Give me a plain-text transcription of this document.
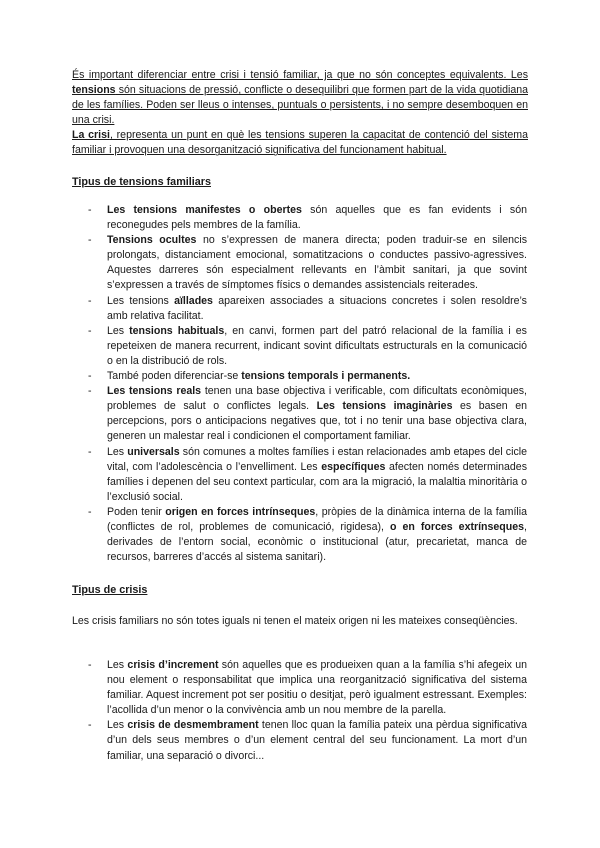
És important diferenciar entre crisi i tensió familiar, ja que no són conceptes equivalents. Les tensions són situacions de pressió, conflicte o desequilibri que formen part de la vida quotidiana de les famílies. Poden ser lleus o intenses, puntuals o persistents, i no sempre desemboquen en una crisi.
La crisi, representa un punt en què les tensions superen la capacitat de contenció del sistema familiar i provoquen una desorganització significativa del funcionament habitual.
Tipus de tensions familiars
- Les tensions manifestes o obertes són aquelles que es fan evidents i són reconegudes pels membres de la família.
- Tensions ocultes no s’expressen de manera directa; poden traduir-se en silencis prolongats, distanciament emocional, somatitzacions o conductes passivo-agressives. Aquestes darreres són especialment rellevants en l’àmbit sanitari, ja que sovint s’expressen a través de símptomes físics o demandes assistencials reiterades.
- Les tensions aïllades apareixen associades a situacions concretes i solen resoldre’s amb relativa facilitat.
- Les tensions habituals, en canvi, formen part del patró relacional de la família i es repeteixen de manera recurrent, indicant sovint dificultats estructurals en la comunicació o en la distribució de rols.
- També poden diferenciar-se tensions temporals i permanents.
- Les tensions reals tenen una base objectiva i verificable, com dificultats econòmiques, problemes de salut o conflictes legals. Les tensions imaginàries es basen en percepcions, pors o anticipacions negatives que, tot i no tenir una base objectiva clara, generen un malestar real i condicionen el comportament familiar.
- Les universals són comunes a moltes famílies i estan relacionades amb etapes del cicle vital, com l’adolescència o l’envelliment. Les específiques afecten només determinades famílies i depenen del seu context particular, com ara la migració, la malaltia minoritària o l’exclusió social.
- Poden tenir origen en forces intrínseques, pròpies de la dinàmica interna de la família (conflictes de rol, problemes de comunicació, rigidesa), o en forces extrínseques, derivades de l’entorn social, econòmic o institucional (atur, precarietat, manca de recursos, barreres d’accés al sistema sanitari).
Tipus de crisis
Les crisis familiars no són totes iguals ni tenen el mateix origen ni les mateixes conseqüències.
- Les crisis d’increment són aquelles que es produeixen quan a la família s’hi afegeix un nou element o responsabilitat que implica una reorganització significativa del sistema familiar. Aquest increment pot ser positiu o desitjat, però igualment estressant. Exemples: l’acollida d’un menor o la convivència amb un nou membre de la parella.
- Les crisis de desmembrament tenen lloc quan la família pateix una pèrdua significativa d’un dels seus membres o d’un element central del seu funcionament. La mort d’un familiar, una separació o divorci...
